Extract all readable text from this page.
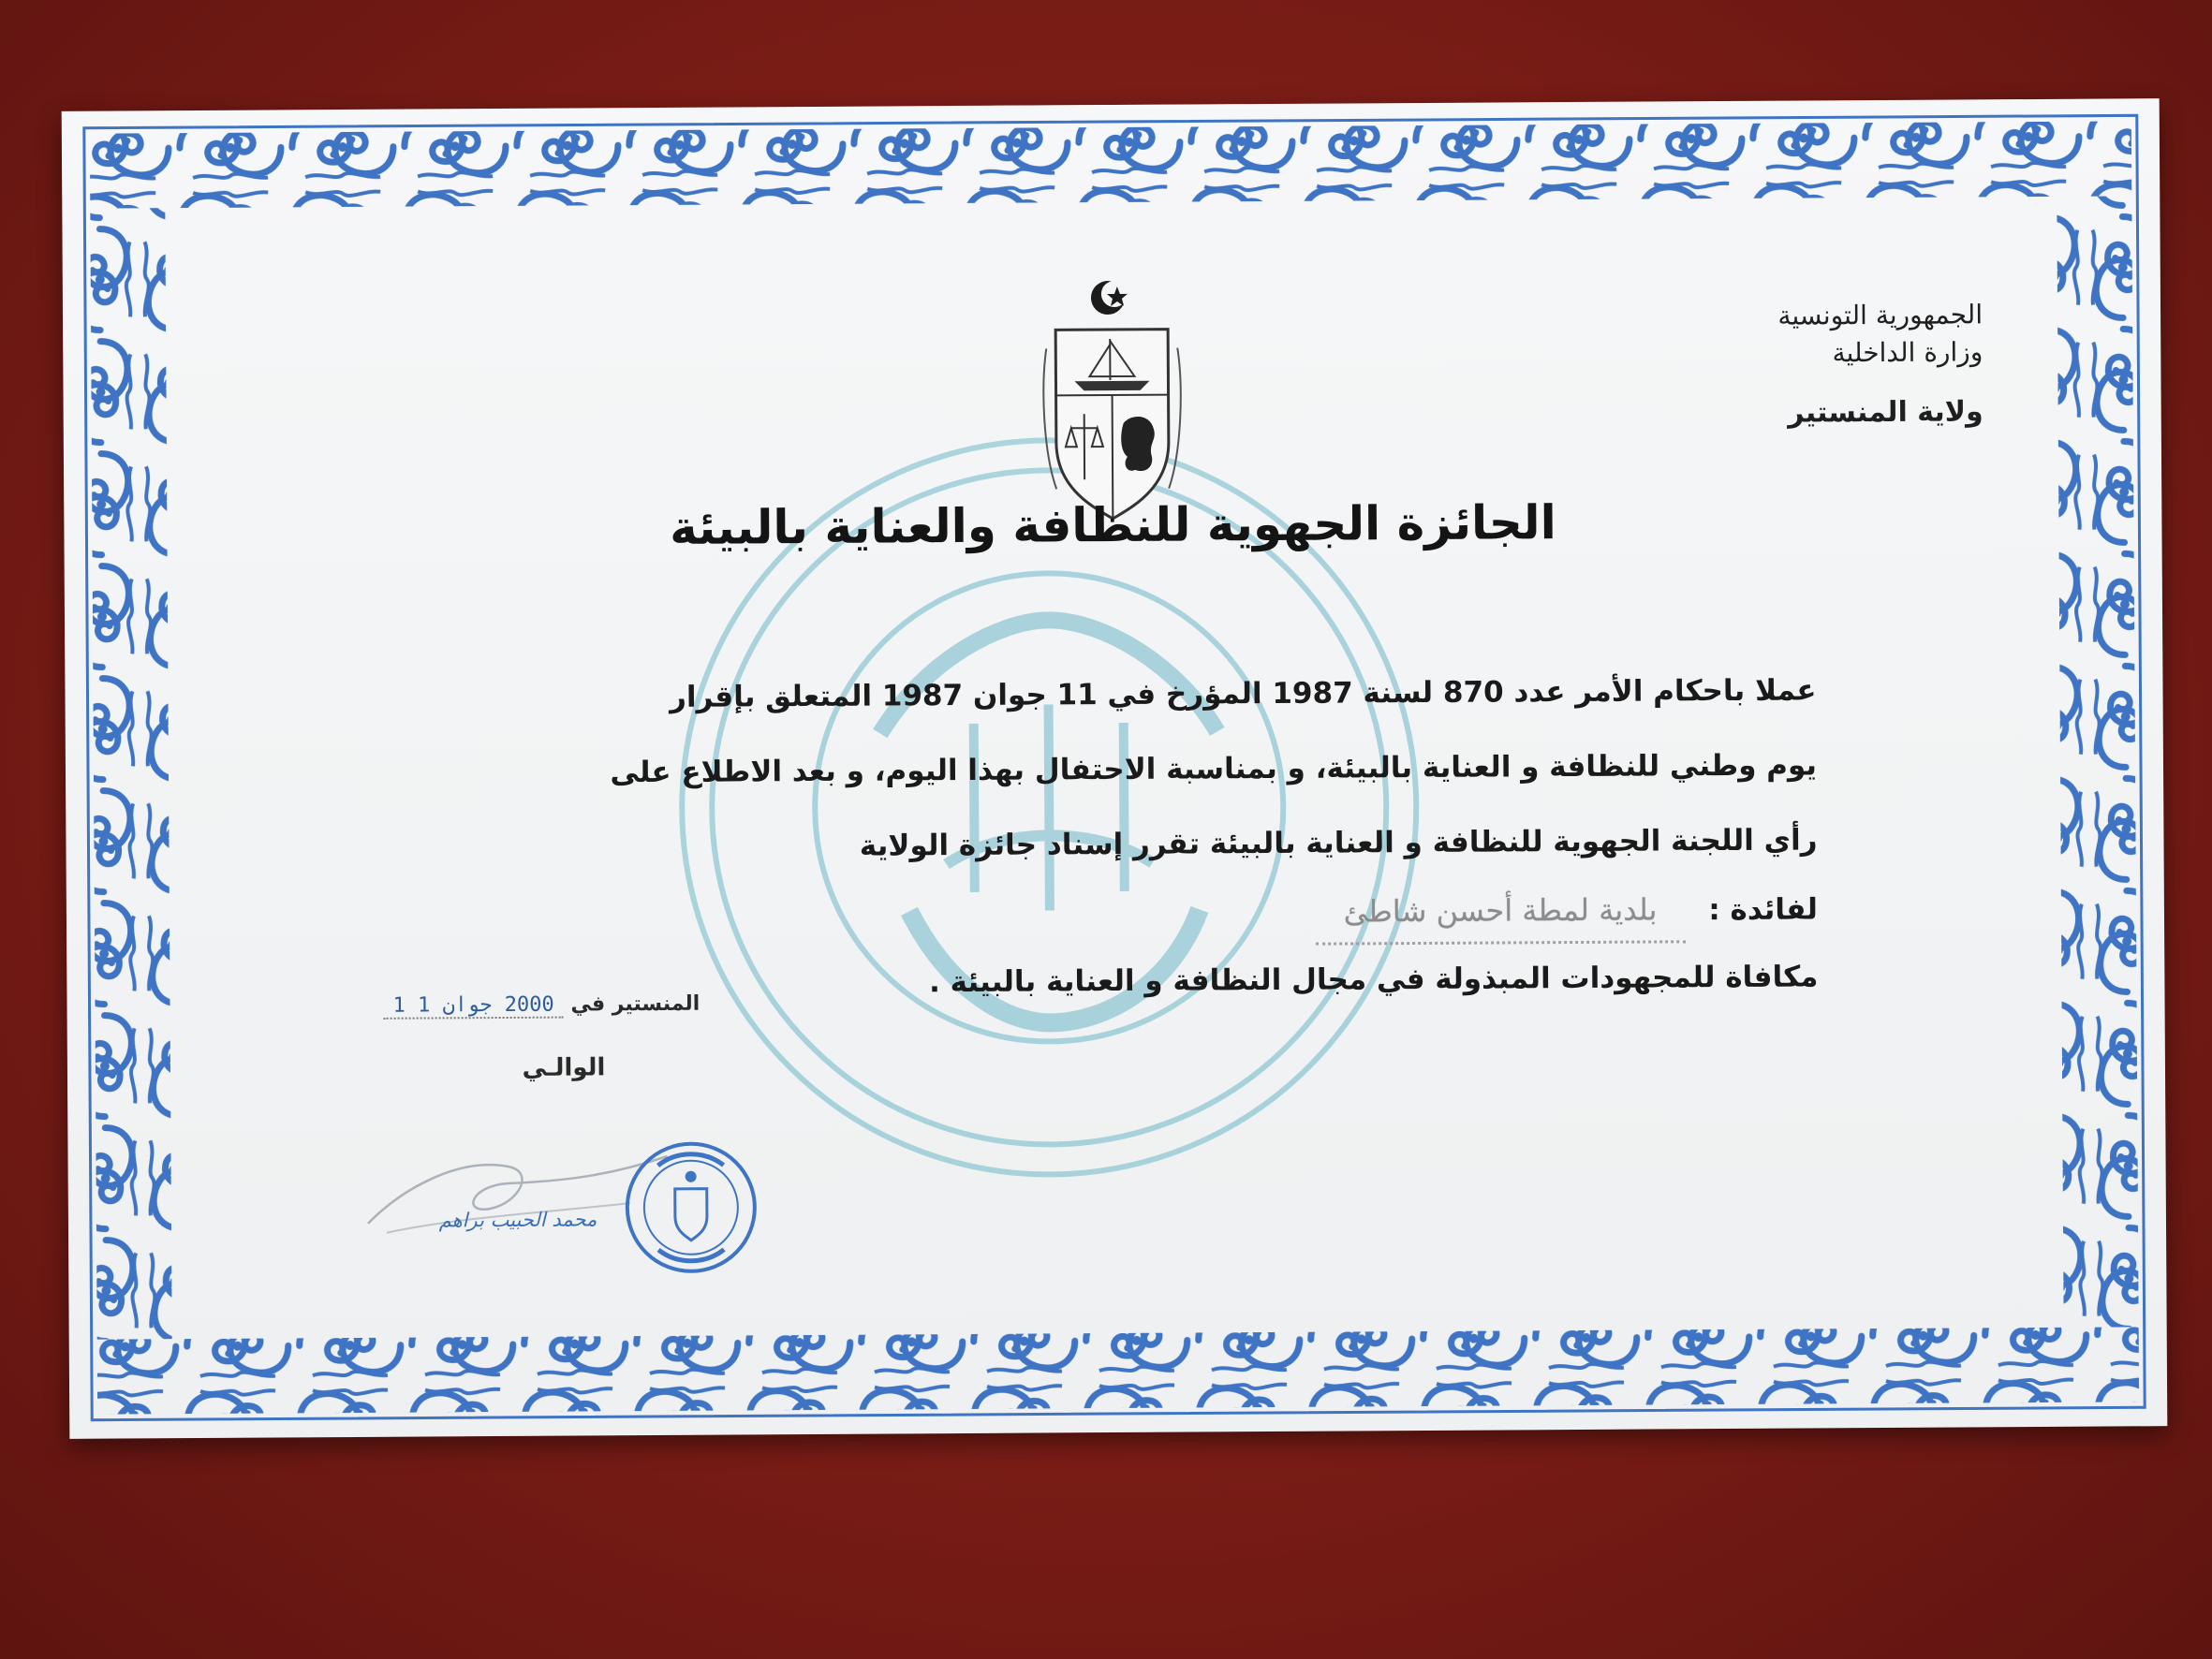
الجمهورية التونسية
وزارة الداخلية
ولاية المنستير
الجائزة الجهوية للنظافة والعناية بالبيئة
عملا باحكام الأمر عدد 870 لسنة 1987 المؤرخ في 11 جوان 1987 المتعلق بإقرار
يوم وطني للنظافة و العناية بالبيئة، و بمناسبة الاحتفال بهذا اليوم، و بعد الاطلاع على
رأي اللجنة الجهوية للنظافة و العناية بالبيئة تقرر إسناد جائزة الولاية
لفائدة : بلدية لمطة أحسن شاطئ
مكافاة للمجهودات المبذولة في مجال النظافة و العناية بالبيئة .
المنستير في 2000 جوان 1 1
الوالـي
محمد الحبيب براهم
